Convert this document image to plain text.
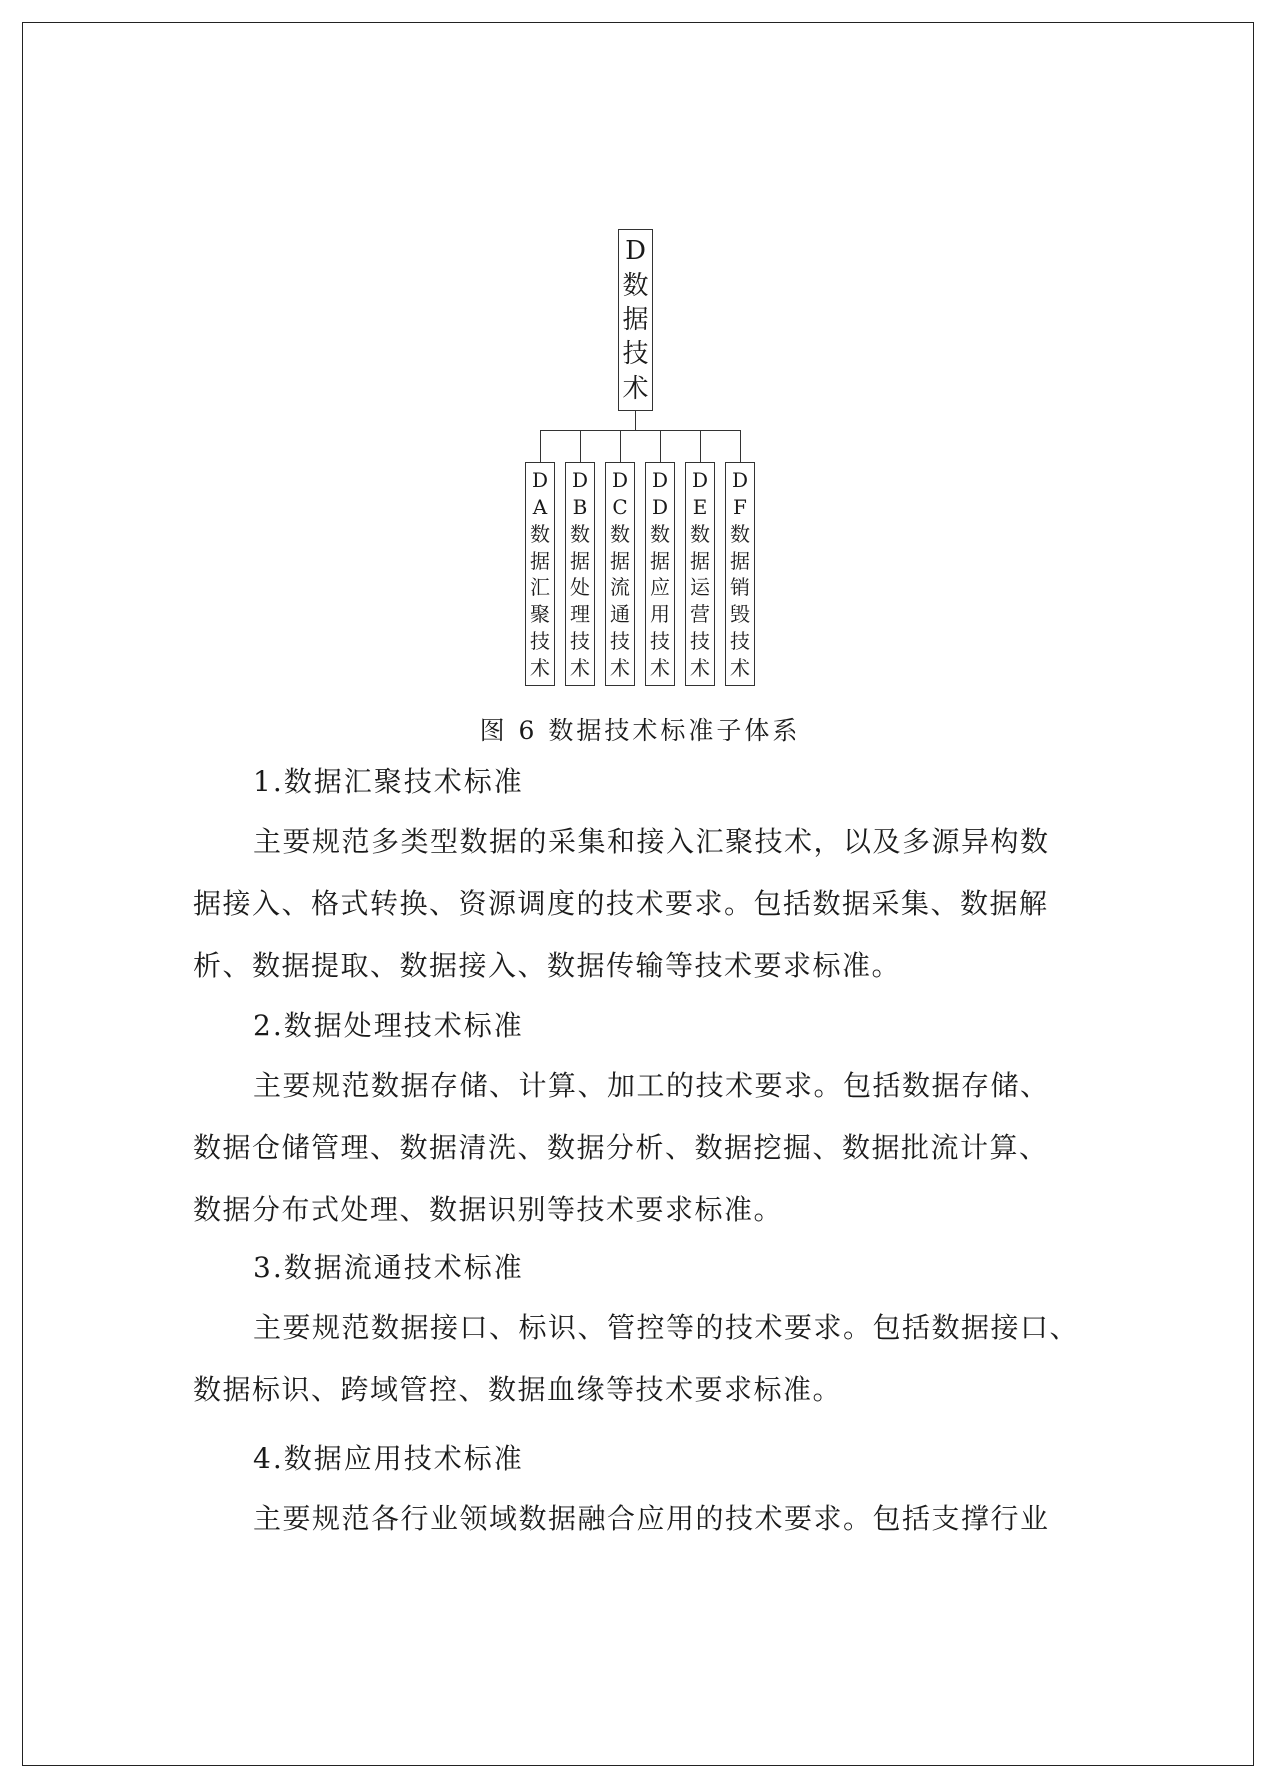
D
数
据
技
术
D
A
数
据
汇
聚
技
术
D
B
数
据
处
理
技
术
D
C
数
据
流
通
技
术
D
D
数
据
应
用
技
术
D
E
数
据
运
营
技
术
D
F
数
据
销
毁
技
术
图 6 数据技术标准子体系
1.数据汇聚技术标准
主要规范多类型数据的采集和接入汇聚技术，以及多源异构数
据接入、格式转换、资源调度的技术要求。包括数据采集、数据解
析、数据提取、数据接入、数据传输等技术要求标准。
2.数据处理技术标准
主要规范数据存储、计算、加工的技术要求。包括数据存储、
数据仓储管理、数据清洗、数据分析、数据挖掘、数据批流计算、
数据分布式处理、数据识别等技术要求标准。
3.数据流通技术标准
主要规范数据接口、标识、管控等的技术要求。包括数据接口、
数据标识、跨域管控、数据血缘等技术要求标准。
4.数据应用技术标准
主要规范各行业领域数据融合应用的技术要求。包括支撑行业
